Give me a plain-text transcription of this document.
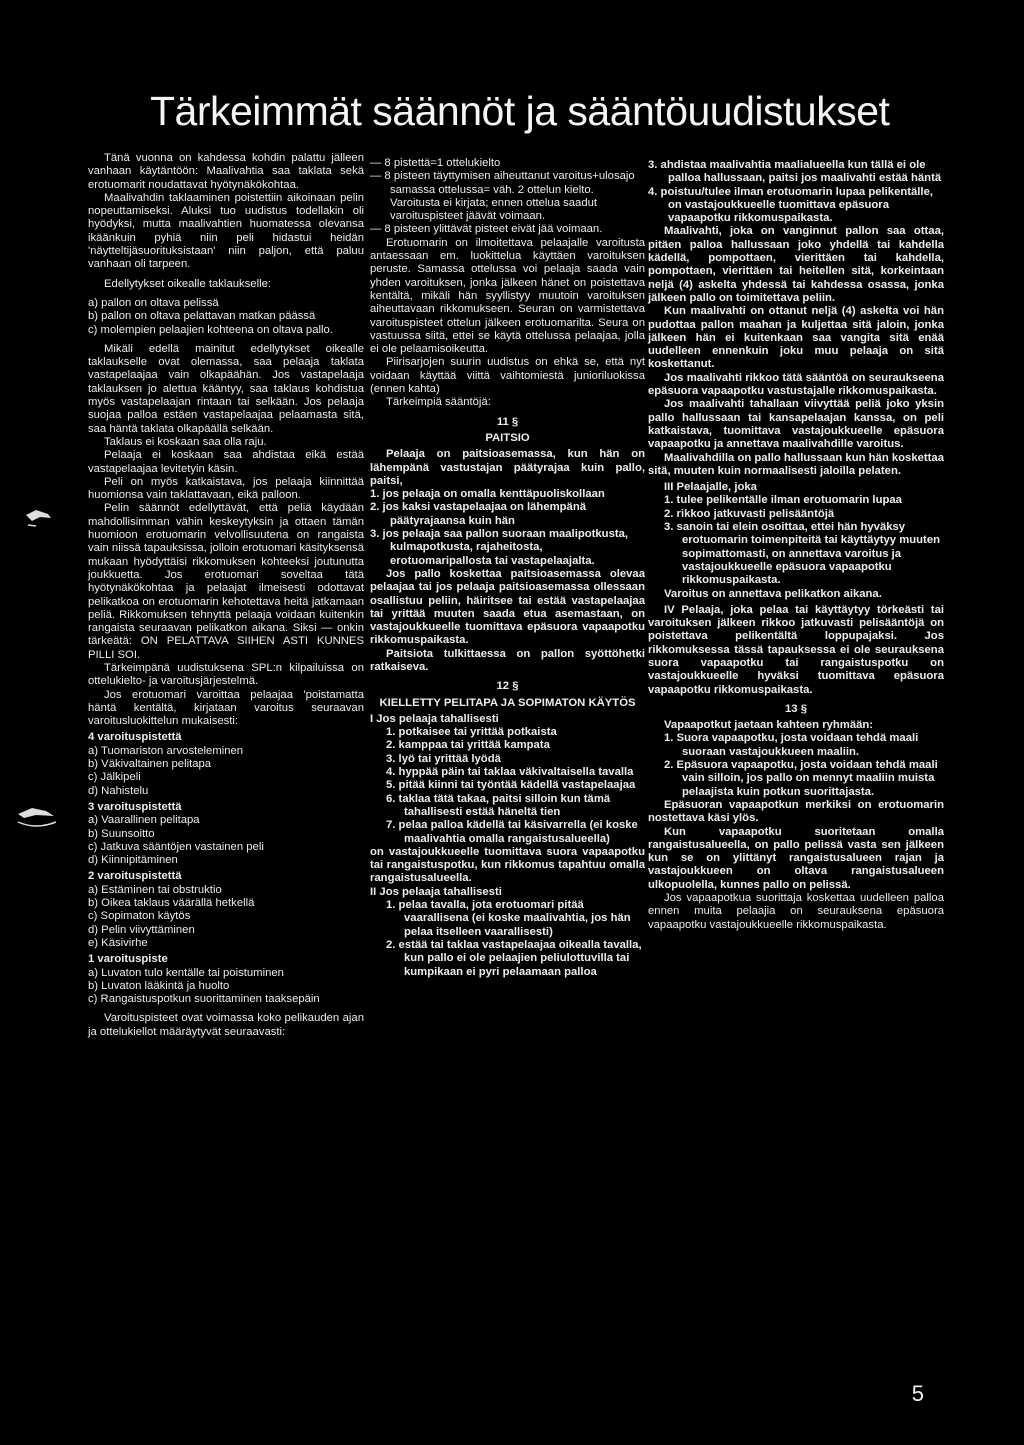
Tärkeimmät säännöt ja sääntöuudistukset

Tänä vuonna on kahdessa kohdin palattu jälleen vanhaan käytäntöön: Maalivahtia saa taklata sekä erotuomarit noudattavat hyötynäkökohtaa.

Maalivahdin taklaaminen poistettiin aikoinaan pelin nopeuttamiseksi. Aluksi tuo uudistus todellakin oli hyödyksi, mutta maalivahtien huomatessa olevansa ikäänkuin pyhiä niin peli hidastui heidän 'näytteltijäsuorituksistaan' niin paljon, että paluu vanhaan oli tarpeen.

Edellytykset oikealle taklaukselle:

a) pallon on oltava pelissä

b) pallon on oltava pelattavan matkan päässä

c) molempien pelaajien kohteena on oltava pallo.

Mikäli edellä mainitut edellytykset oikealle taklaukselle ovat olemassa, saa pelaaja taklata vastapelaajaa vain olkapäähän. Jos vastapelaaja taklauksen jo alettua kääntyy, saa taklaus kohdistua myös vastapelaajan rintaan tai selkään. Jos pelaaja suojaa palloa estäen vastapelaajaa pelaamasta sitä, saa häntä taklata olkapäällä selkään.

Taklaus ei koskaan saa olla raju.

Pelaaja ei koskaan saa ahdistaa eikä estää vastapelaajaa levitetyin käsin.

Peli on myös katkaistava, jos pelaaja kiinnittää huomionsa vain taklattavaan, eikä palloon.

Pelin säännöt edellyttävät, että peliä käydään mahdollisimman vähin keskeytyksin ja ottaen tämän huomioon erotuomarin velvollisuutena on rangaista vain niissä tapauksissa, jolloin erotuomari käsityksensä mukaan hyödyttäisi rikkomuksen kohteeksi joutunutta joukkuetta. Jos erotuomari soveltaa tätä hyötynäkökohtaa ja pelaajat ilmeisesti odottavat pelikatkoa on erotuomarin kehotettava heitä jatkamaan peliä. Rikkomuksen tehnyttä pelaaja voidaan kuitenkin rangaista seuraavan pelikatkon aikana. Siksi — onkin tärkeätä: ON PELATTAVA SIIHEN ASTI KUNNES PILLI SOI.

Tärkeimpänä uudistuksena SPL:n kilpailuissa on ottelukielto- ja varoitusjärjestelmä.

Jos erotuomari varoittaa pelaajaa 'poistamatta häntä kentältä, kirjataan varoitus seuraavan varoitusluokittelun mukaisesti:

4 varoituspistettä

a) Tuomariston arvosteleminen

b) Väkivaltainen pelitapa

c) Jälkipeli

d) Nahistelu

3 varoituspistettä

a) Vaarallinen pelitapa

b) Suunsoitto

c) Jatkuva sääntöjen vastainen peli

d) Kiinnipitäminen

2 varoituspistettä

a) Estäminen tai obstruktio

b) Oikea taklaus väärällä hetkellä

c) Sopimaton käytös

d) Pelin viivyttäminen

e) Käsivirhe

1 varoituspiste

a) Luvaton tulo kentälle tai poistuminen

b) Luvaton lääkintä ja huolto

c) Rangaistuspotkun suorittaminen taaksepäin

Varoituspisteet ovat voimassa koko pelikauden ajan ja ottelukiellot määräytyvät seuraavasti:

— 8 pistettä=1 ottelukielto

— 8 pisteen täyttymisen aiheuttanut varoitus+ulosajo samassa ottelussa= väh. 2 ottelun kielto. Varoitusta ei kirjata; ennen ottelua saadut varoituspisteet jäävät voimaan.

— 8 pisteen ylittävät pisteet eivät jää voimaan.

Erotuomarin on ilmoitettava pelaajalle varoitusta antaessaan em. luokittelua käyttäen varoituksen peruste. Samassa ottelussa voi pelaaja saada vain yhden varoituksen, jonka jälkeen hänet on poistettava kentältä, mikäli hän syyllistyy muutoin varoituksen aiheuttavaan rikkomukseen. Seuran on varmistettava varoituspisteet ottelun jälkeen erotuomarilta. Seura on vastuussa siitä, ettei se käytä ottelussa pelaajaa, jolla ei ole pelaamisoikeutta.

Piirisarjojen suurin uudistus on ehkä se, että nyt voidaan käyttää viittä vaihtomiestä junioriluokissa (ennen kahta)

Tärkeimpiä sääntöjä:

11 §

PAITSIO

Pelaaja on paitsioasemassa, kun hän on lähempänä vastustajan päätyrajaa kuin pallo, paitsi,

1. jos pelaaja on omalla kenttäpuoliskollaan

2. jos kaksi vastapelaajaa on lähempänä päätyrajaansa kuin hän

3. jos pelaaja saa pallon suoraan maalipotkusta, kulmapotkusta, rajaheitosta, erotuomaripallosta tai vastapelaajalta.

Jos pallo koskettaa paitsioasemassa olevaa pelaajaa tai jos pelaaja paitsioasemassa ollessaan osallistuu peliin, häiritsee tai estää vastapelaajaa tai yrittää muuten saada etua asemastaan, on vastajoukkueelle tuomittava epäsuora vapaapotku rikkomuspaikasta.

Paitsiota tulkittaessa on pallon syöttöhetki ratkaiseva.

12 §

KIELLETTY PELITAPA JA SOPIMATON KÄYTÖS

I Jos pelaaja tahallisesti

1. potkaisee tai yrittää potkaista

2. kamppaa tai yrittää kampata

3. lyö tai yrittää lyödä

4. hyppää päin tai taklaa väkivaltaisella tavalla

5. pitää kiinni tai työntää kädellä vastapelaajaa

6. taklaa tätä takaa, paitsi silloin kun tämä tahallisesti estää häneltä tien

7. pelaa palloa kädellä tai käsivarrella (ei koske maalivahtia omalla rangaistusalueella)

on vastajoukkueelle tuomittava suora vapaapotku tai rangaistuspotku, kun rikkomus tapahtuu omalla rangaistusalueella.

II Jos pelaaja tahallisesti

1. pelaa tavalla, jota erotuomari pitää vaarallisena (ei koske maalivahtia, jos hän pelaa itselleen vaarallisesti)

2. estää tai taklaa vastapelaajaa oikealla tavalla, kun pallo ei ole pelaajien peliulottuvilla tai kumpikaan ei pyri pelaamaan palloa

3. ahdistaa maalivahtia maalialueella kun tällä ei ole palloa hallussaan, paitsi jos maalivahti estää häntä

4. poistuu/tulee ilman erotuomarin lupaa pelikentälle, on vastajoukkueelle tuomittava epäsuora vapaapotku rikkomuspaikasta.

Maalivahti, joka on vanginnut pallon saa ottaa, pitäen palloa hallussaan joko yhdellä tai kahdella kädellä, pompottaen, vierittäen tai kahdella, pompottaen, vierittäen tai heitellen sitä, korkeintaan neljä (4) askelta yhdessä tai kahdessa osassa, jonka jälkeen pallo on toimitettava peliin.

Kun maalivahti on ottanut neljä (4) askelta voi hän pudottaa pallon maahan ja kuljettaa sitä jaloin, jonka jälkeen hän ei kuitenkaan saa vangita sitä enää uudelleen ennenkuin joku muu pelaaja on sitä koskettanut.

Jos maalivahti rikkoo tätä sääntöä on seuraukseena epäsuora vapaapotku vastustajalle rikkomuspaikasta.

Jos maalivahti tahallaan viivyttää peliä joko yksin pallo hallussaan tai kansapelaajan kanssa, on peli katkaistava, tuomittava vastajoukkueelle epäsuora vapaapotku ja annettava maalivahdille varoitus.

Maalivahdilla on pallo hallussaan kun hän koskettaa sitä, muuten kuin normaalisesti jaloilla pelaten.

III Pelaajalle, joka

1. tulee pelikentälle ilman erotuomarin lupaa

2. rikkoo jatkuvasti pelisääntöjä

3. sanoin tai elein osoittaa, ettei hän hyväksy erotuomarin toimenpiteitä tai käyttäytyy muuten sopimattomasti, on annettava varoitus ja vastajoukkueelle epäsuora vapaapotku rikkomuspaikasta.

Varoitus on annettava pelikatkon aikana.

IV Pelaaja, joka pelaa tai käyttäytyy törkeästi tai varoituksen jälkeen rikkoo jatkuvasti pelisääntöjä on poistettava pelikentältä loppupajaksi. Jos rikkomuksessa tässä tapauksessa ei ole seurauksena suora vapaapotku tai rangaistuspotku on vastajoukkueelle hyväksi tuomittava epäsuora vapaapotku rikkomuspaikasta.

13 §

Vapaapotkut jaetaan kahteen ryhmään:

1. Suora vapaapotku, josta voidaan tehdä maali suoraan vastajoukkueen maaliin.

2. Epäsuora vapaapotku, josta voidaan tehdä maali vain silloin, jos pallo on mennyt maaliin muista pelaajista kuin potkun suorittajasta.

Epäsuoran vapaapotkun merkiksi on erotuomarin nostettava käsi ylös.

Kun vapaapotku suoritetaan omalla rangaistusalueella, on pallo pelissä vasta sen jälkeen kun se on ylittänyt rangaistusalueen rajan ja vastajoukkueen on oltava rangaistusalueen ulkopuolella, kunnes pallo on pelissä.

Jos vapaapotkua suorittaja koskettaa uudelleen palloa ennen muita pelaajia on seurauksena epäsuora vapaapotku vastajoukkueelle rikkomuspaikasta.

5
